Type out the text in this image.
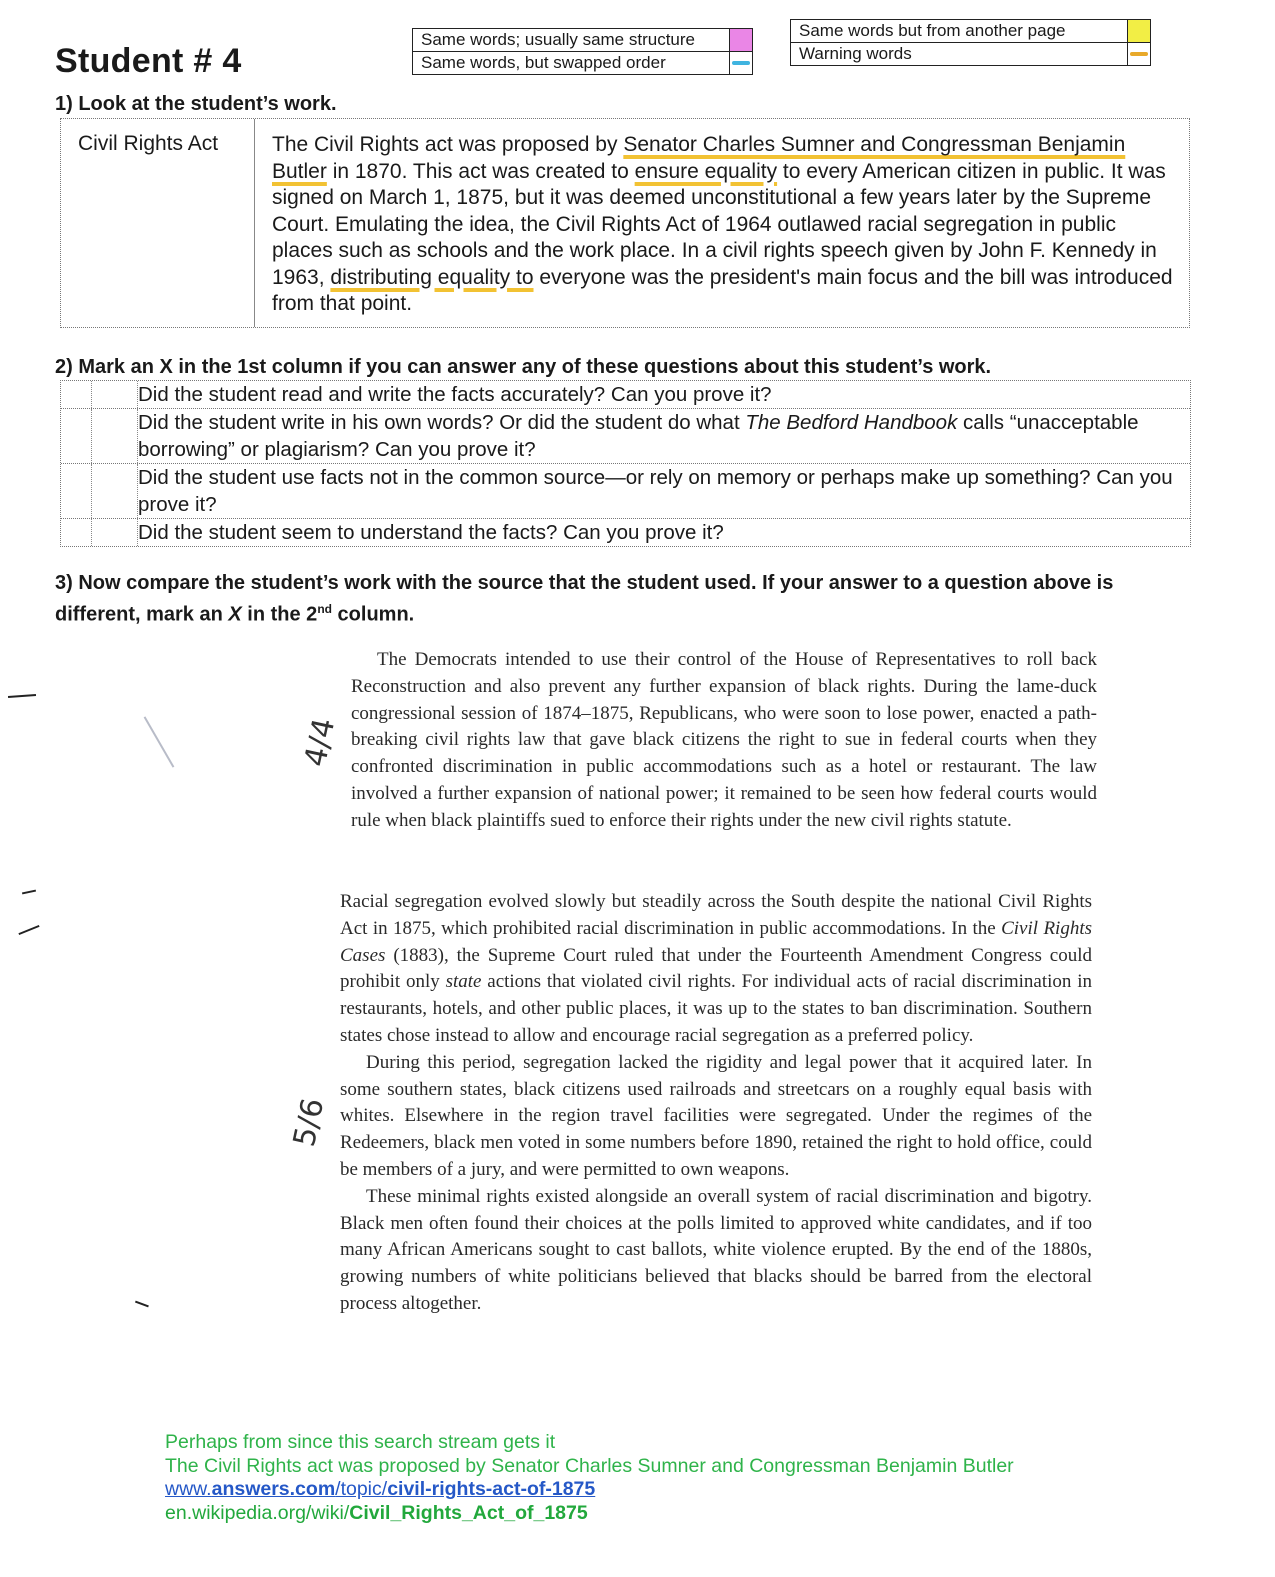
Student # 4
Same words; usually same structure	

Same words, but swapped order	
Same words but from another page	

Warning words	
1) Look at the student’s work.
Civil Rights Act	The Civil Rights act was proposed by Senator Charles Sumner and Congressman Benjamin Butler in 1870. This act was created to ensure equality to every American citizen in public. It was signed on March 1, 1875, but it was deemed unconstitutional a few years later by the Supreme Court. Emulating the idea, the Civil Rights Act of 1964 outlawed racial segregation in public places such as schools and the work place. In a civil rights speech given by John F. Kennedy in 1963, distributing equality to everyone was the president's main focus and the bill was introduced from that point.
2) Mark an X in the 1st column if you can answer any of these questions about this student’s work.
Did the student read and write the facts accurately? Can you prove it?
Did the student write in his own words? Or did the student do what The Bedford Handbook calls “unacceptable borrowing” or plagiarism? Can you prove it?
Did the student use facts not in the common source—or rely on memory or perhaps make up something? Can you prove it?
Did the student seem to understand the facts? Can you prove it?
3) Now compare the student’s work with the source that the student used. If your answer to a question above is different, mark an X in the 2nd column.

The Democrats intended to use their control of the House of Representatives to roll back Reconstruction and also prevent any further expansion of black rights. During the lame-duck congressional session of 1874–1875, Republicans, who were soon to lose power, enacted a path-breaking civil rights law that gave black citizens the right to sue in federal courts when they confronted discrimination in public accommodations such as a hotel or restaurant. The law involved a further expansion of national power; it remained to be seen how federal courts would rule when black plaintiffs sued to enforce their rights under the new civil rights statute.

Racial segregation evolved slowly but steadily across the South despite the national Civil Rights Act in 1875, which prohibited racial discrimination in public accommodations. In the Civil Rights Cases (1883), the Supreme Court ruled that under the Fourteenth Amendment Congress could prohibit only state actions that violated civil rights. For individual acts of racial discrimination in restaurants, hotels, and other public places, it was up to the states to ban discrimination. Southern states chose instead to allow and encourage racial segregation as a preferred policy.

During this period, segregation lacked the rigidity and legal power that it acquired later. In some southern states, black citizens used railroads and streetcars on a roughly equal basis with whites. Elsewhere in the region travel facilities were segregated. Under the regimes of the Redeemers, black men voted in some numbers before 1890, retained the right to hold office, could be members of a jury, and were permitted to own weapons.

These minimal rights existed alongside an overall system of racial discrimination and bigotry. Black men often found their choices at the polls limited to approved white candidates, and if too many African Americans sought to cast ballots, white violence erupted. By the end of the 1880s, growing numbers of white politicians believed that blacks should be barred from the electoral process altogether.

4/4
5/6
Perhaps from since this search stream gets it
The Civil Rights act was proposed by Senator Charles Sumner and Congressman Benjamin Butler
www.answers.com/topic/civil-rights-act-of-1875
en.wikipedia.org/wiki/Civil_Rights_Act_of_1875
